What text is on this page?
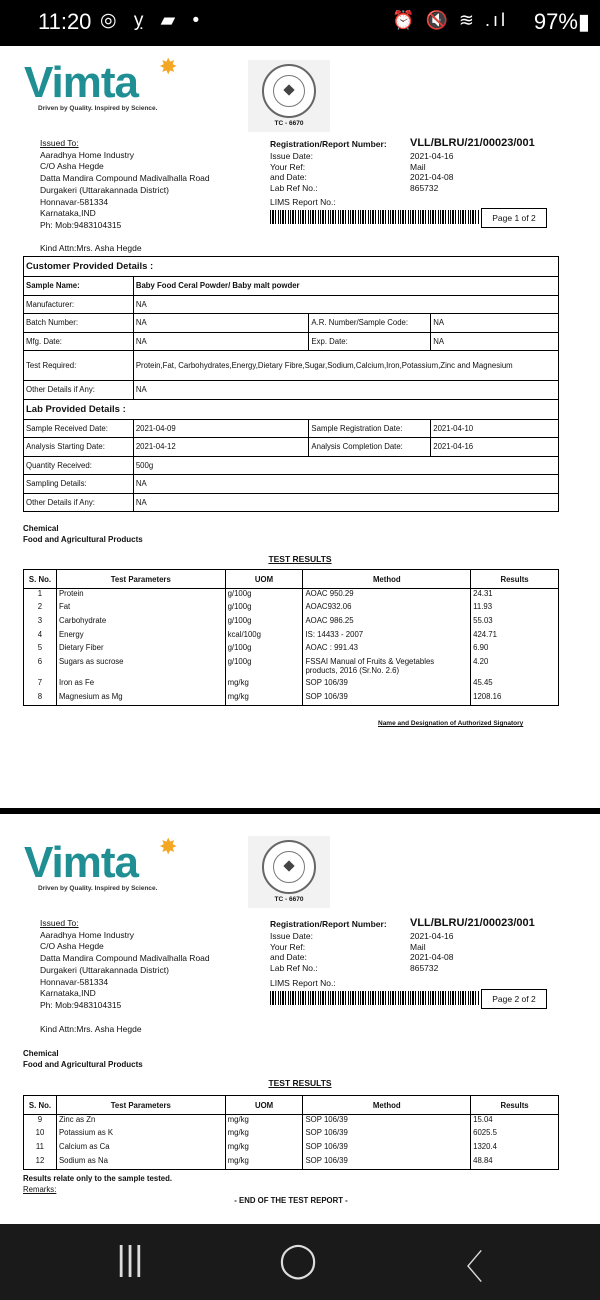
11:20 ◎ ỵ ▰ •	⏰ 🔇 ≋ .ıl 97%▮
Vimta ✸
Driven by Quality. Inspired by Science.
TC - 6670
Issued To:
Aaradhya Home Industry
C/O Asha Hegde
Datta Mandira Compound Madivalhalla Road
Durgakeri (Uttarakannada District)
Honnavar-581334
Karnataka,IND
Ph: Mob:9483104315
Registration/Report Number: VLL/BLRU/21/00023/001
Issue Date:	2021-04-16
Your Ref:	Mail
and Date:	2021-04-08
Lab Ref No.:	865732
LIMS Report No.:
Page 1 of 2
Kind Attn:Mrs. Asha Hegde
Customer Provided Details :			
Sample Name:	Baby Food Ceral Powder/ Baby malt powder		
Manufacturer:	NA		
Batch Number:	NA	A.R. Number/Sample Code:	NA
Mfg. Date:	NA	Exp. Date:	NA
Test Required:	Protein,Fat, Carbohydrates,Energy,Dietary Fibre,Sugar,Sodium,Calcium,Iron,Potassium,Zinc and Magnesium		
Other Details if Any:	NA		
Lab Provided Details :			
Sample Received Date:	2021-04-09	Sample Registration Date:	2021-04-10
Analysis Starting Date:	2021-04-12	Analysis Completion Date:	2021-04-16
Quantity Received:	500g		
Sampling Details:	NA		
Other Details if Any:	NA		
Chemical
Food and Agricultural Products
TEST RESULTS
S. No.	Test Parameters	UOM	Method	Results
1	Protein	g/100g	AOAC 950.29	24.31
2	Fat	g/100g	AOAC932.06	11.93
3	Carbohydrate	g/100g	AOAC 986.25	55.03
4	Energy	kcal/100g	IS: 14433 - 2007	424.71
5	Dietary Fiber	g/100g	AOAC : 991.43	6.90
6	Sugars as sucrose	g/100g	FSSAI Manual of Fruits & Vegetables products, 2016 (Sr.No. 2.6)	4.20
7	Iron as Fe	mg/kg	SOP 106/39	45.45
8	Magnesium as Mg	mg/kg	SOP 106/39	1208.16
Name and Designation of Authorized Signatory
Vimta ✸
Driven by Quality. Inspired by Science.
TC - 6670
Issued To:
Aaradhya Home Industry
C/O Asha Hegde
Datta Mandira Compound Madivalhalla Road
Durgakeri (Uttarakannada District)
Honnavar-581334
Karnataka,IND
Ph: Mob:9483104315
Registration/Report Number: VLL/BLRU/21/00023/001
Issue Date:	2021-04-16
Your Ref:	Mail
and Date:	2021-04-08
Lab Ref No.:	865732
LIMS Report No.:
Page 2 of 2
Kind Attn:Mrs. Asha Hegde
Chemical
Food and Agricultural Products
TEST RESULTS
S. No.	Test Parameters	UOM	Method	Results
9	Zinc as Zn	mg/kg	SOP 106/39	15.04
10	Potassium as K	mg/kg	SOP 106/39	6025.5
11	Calcium as Ca	mg/kg	SOP 106/39	1320.4
12	Sodium as Na	mg/kg	SOP 106/39	48.84
Results relate only to the sample tested.
Remarks:
- END OF THE TEST REPORT -
|||	◯	〈
